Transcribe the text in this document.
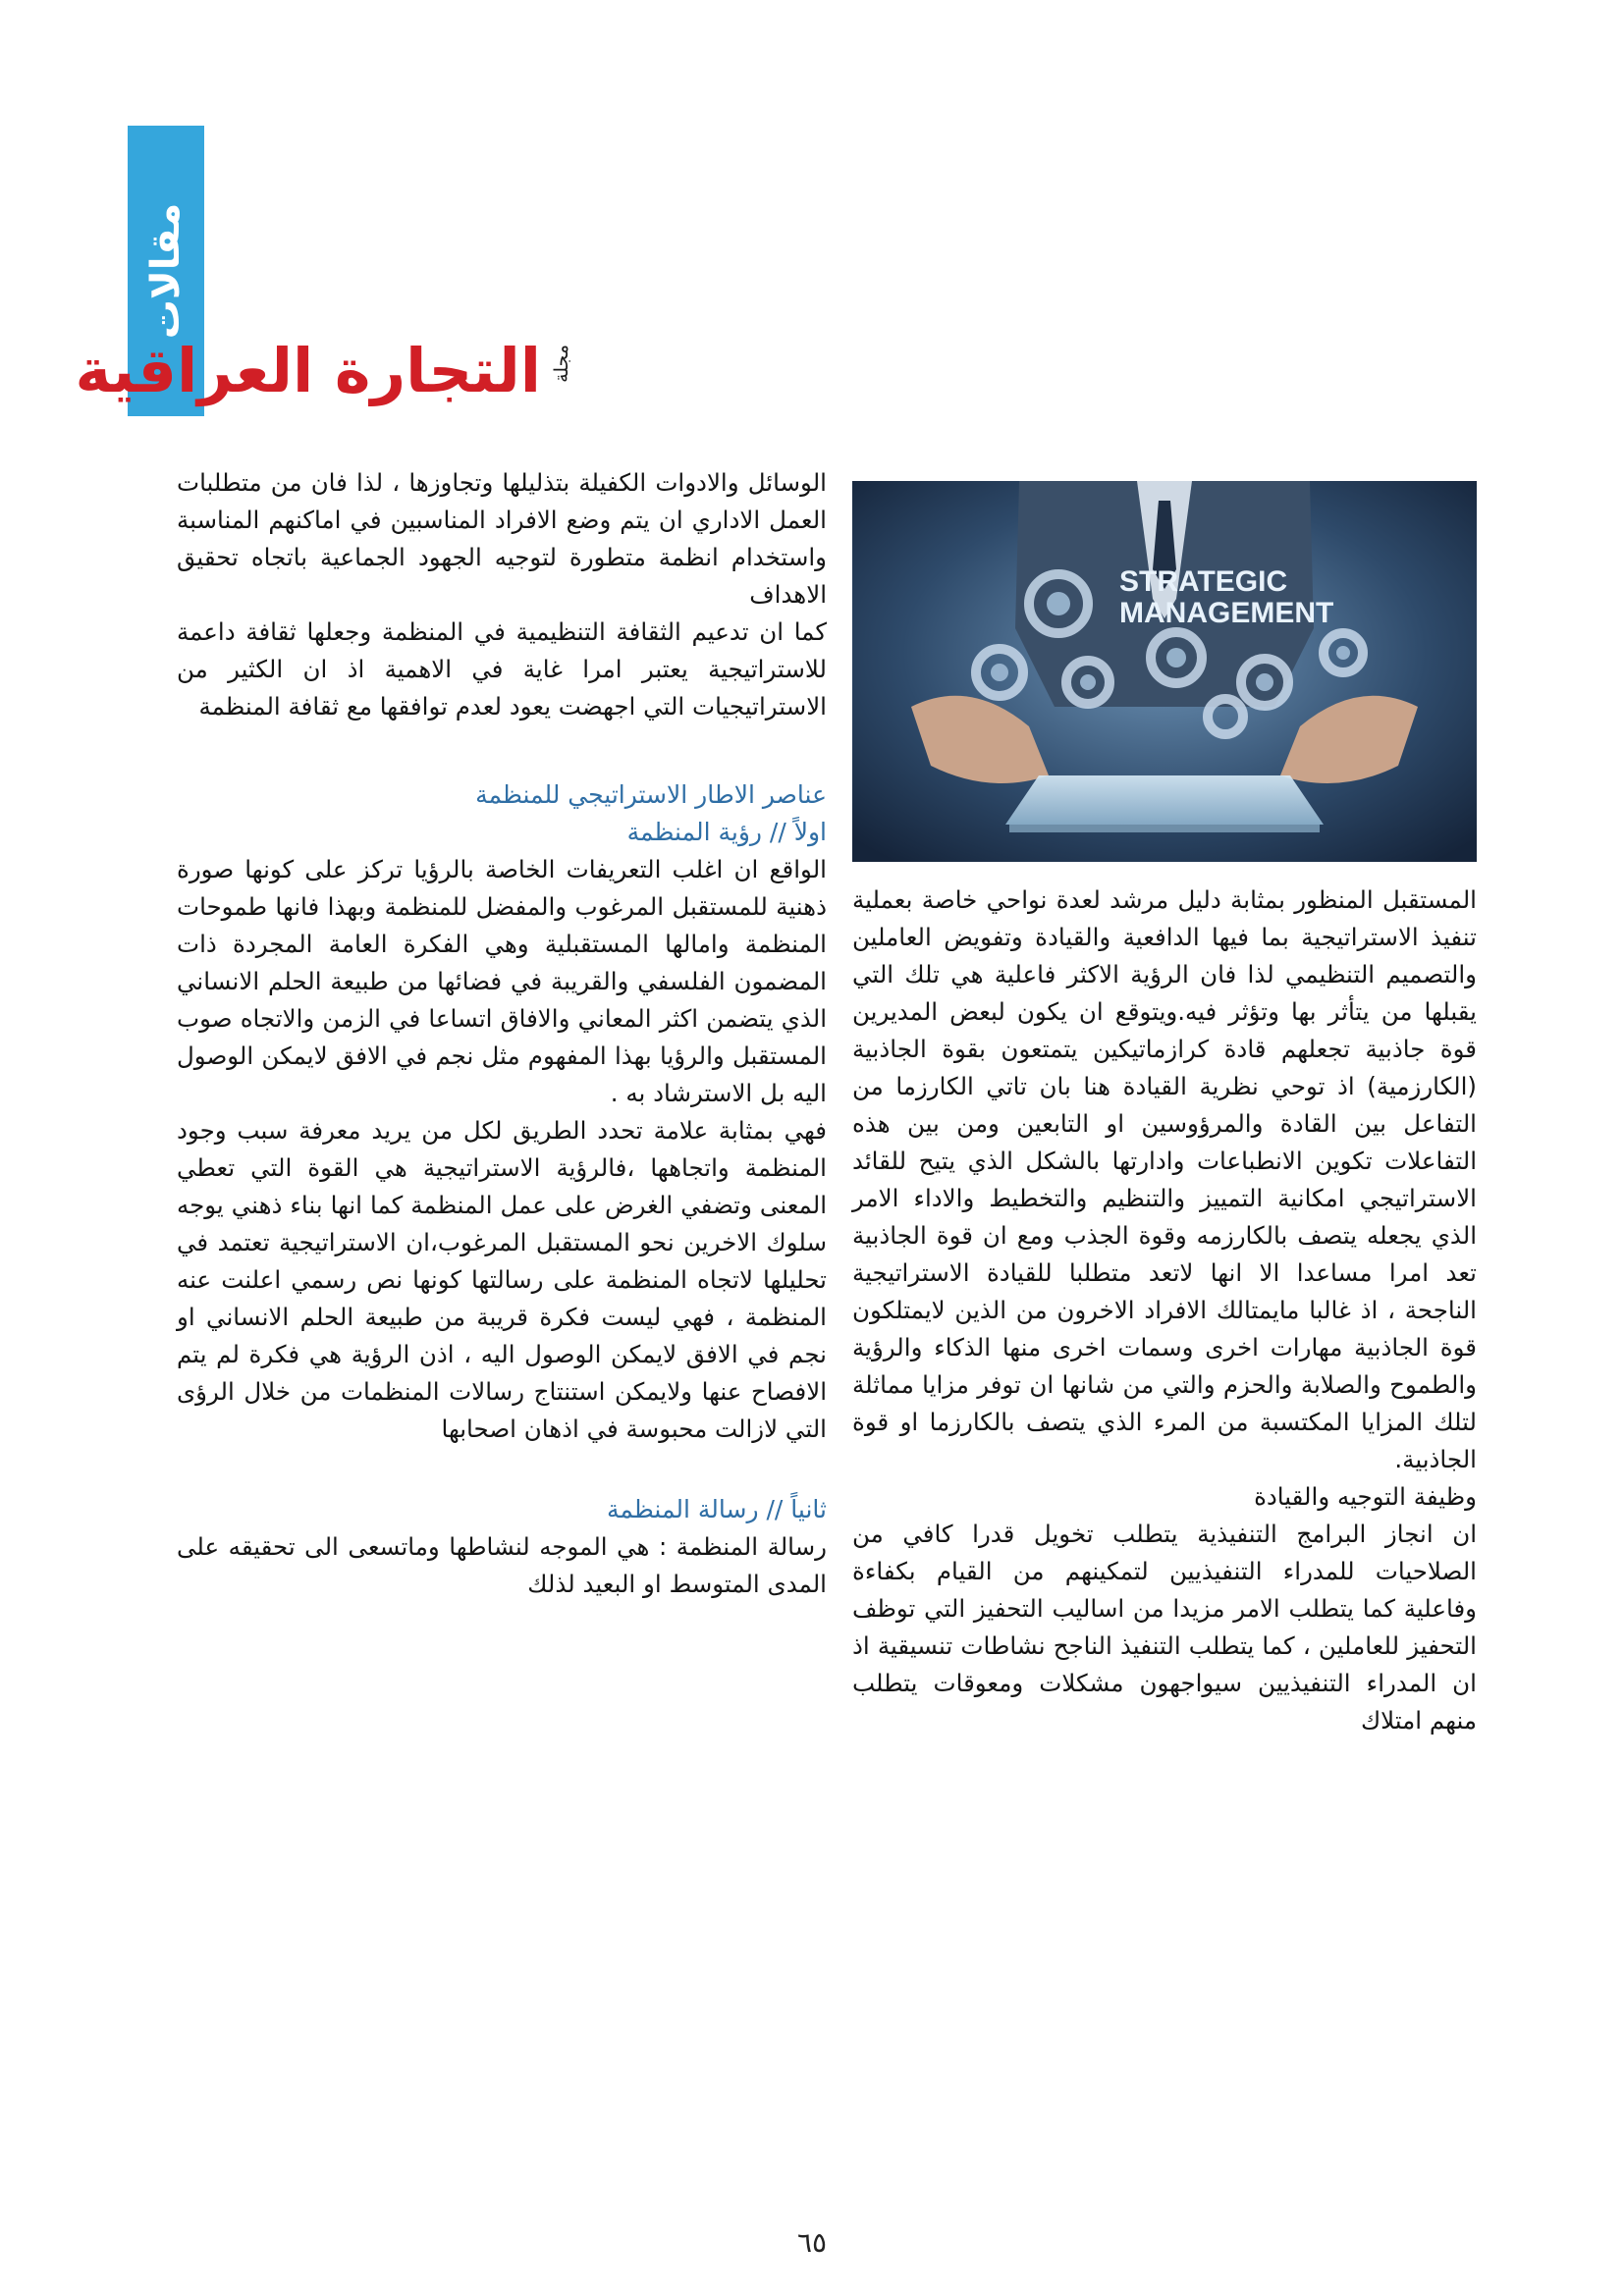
مقالات
التجارة العراقية مجلة
STRATEGIC
MANAGEMENT

الوسائل والادوات الكفيلة بتذليلها وتجاوزها ، لذا فان من متطلبات العمل الاداري ان يتم وضع الافراد المناسبين في اماكنهم المناسبة واستخدام انظمة متطورة لتوجيه الجهود الجماعية باتجاه تحقيق الاهداف

كما ان تدعيم الثقافة التنظيمية في المنظمة وجعلها ثقافة داعمة للاستراتيجية يعتبر امرا غاية في الاهمية اذ ان الكثير من الاستراتيجيات التي اجهضت يعود لعدم توافقها مع ثقافة المنظمة

عناصر الاطار الاستراتيجي للمنظمة

اولاً // رؤية المنظمة

الواقع ان اغلب التعريفات الخاصة بالرؤيا تركز على كونها صورة ذهنية للمستقبل المرغوب والمفضل للمنظمة وبهذا فانها طموحات المنظمة وامالها المستقبلية وهي الفكرة العامة المجردة ذات المضمون الفلسفي والقريبة في فضائها من طبيعة الحلم الانساني الذي يتضمن اكثر المعاني والافاق اتساعا في الزمن والاتجاه صوب المستقبل والرؤيا بهذا المفهوم مثل نجم في الافق لايمكن الوصول اليه بل الاسترشاد به .

فهي بمثابة علامة تحدد الطريق لكل من يريد معرفة سبب وجود المنظمة واتجاهها ،فالرؤية الاستراتيجية هي القوة التي تعطي المعنى وتضفي الغرض على عمل المنظمة كما انها بناء ذهني يوجه سلوك الاخرين نحو المستقبل المرغوب،ان الاستراتيجية تعتمد في تحليلها لاتجاه المنظمة على رسالتها كونها نص رسمي اعلنت عنه المنظمة ، فهي ليست فكرة قريبة من طبيعة الحلم الانساني او نجم في الافق لايمكن الوصول اليه ، اذن الرؤية هي فكرة لم يتم الافصاح عنها ولايمكن استنتاج رسالات المنظمات من خلال الرؤى التي لازالت محبوسة في اذهان اصحابها

ثانياً // رسالة المنظمة

رسالة المنظمة : هي الموجه لنشاطها وماتسعى الى تحقيقه على المدى المتوسط او البعيد لذلك

المستقبل المنظور بمثابة دليل مرشد لعدة نواحي خاصة بعملية تنفيذ الاستراتيجية بما فيها الدافعية والقيادة وتفويض العاملين والتصميم التنظيمي لذا فان الرؤية الاكثر فاعلية هي تلك التي يقبلها من يتأثر بها وتؤثر فيه.ويتوقع ان يكون لبعض المديرين قوة جاذبية تجعلهم قادة كرازماتيكين يتمتعون بقوة الجاذبية (الكارزمية) اذ توحي نظرية القيادة هنا بان تاتي الكارزما من التفاعل بين القادة والمرؤوسين او التابعين ومن بين هذه التفاعلات تكوين الانطباعات وادارتها بالشكل الذي يتيح للقائد الاستراتيجي امكانية التمييز والتنظيم والتخطيط والاداء الامر الذي يجعله يتصف بالكارزمه وقوة الجذب ومع ان قوة الجاذبية تعد امرا مساعدا الا انها لاتعد متطلبا للقيادة الاستراتيجية الناجحة ، اذ غالبا مايمتالك الافراد الاخرون من الذين لايمتلكون قوة الجاذبية مهارات اخرى وسمات اخرى منها الذكاء والرؤية والطموح والصلابة والحزم والتي من شانها ان توفر مزايا مماثلة لتلك المزايا المكتسبة من المرء الذي يتصف بالكارزما او قوة الجاذبية.

وظيفة التوجيه والقيادة

ان انجاز البرامج التنفيذية يتطلب تخويل قدرا كافي من الصلاحيات للمدراء التنفيذيين لتمكينهم من القيام بكفاءة وفاعلية كما يتطلب الامر مزيدا من اساليب التحفيز التي توظف التحفيز للعاملين ، كما يتطلب التنفيذ الناجح نشاطات تنسيقية اذ ان المدراء التنفيذيين سيواجهون مشكلات ومعوقات يتطلب منهم امتلاك

٦٥
